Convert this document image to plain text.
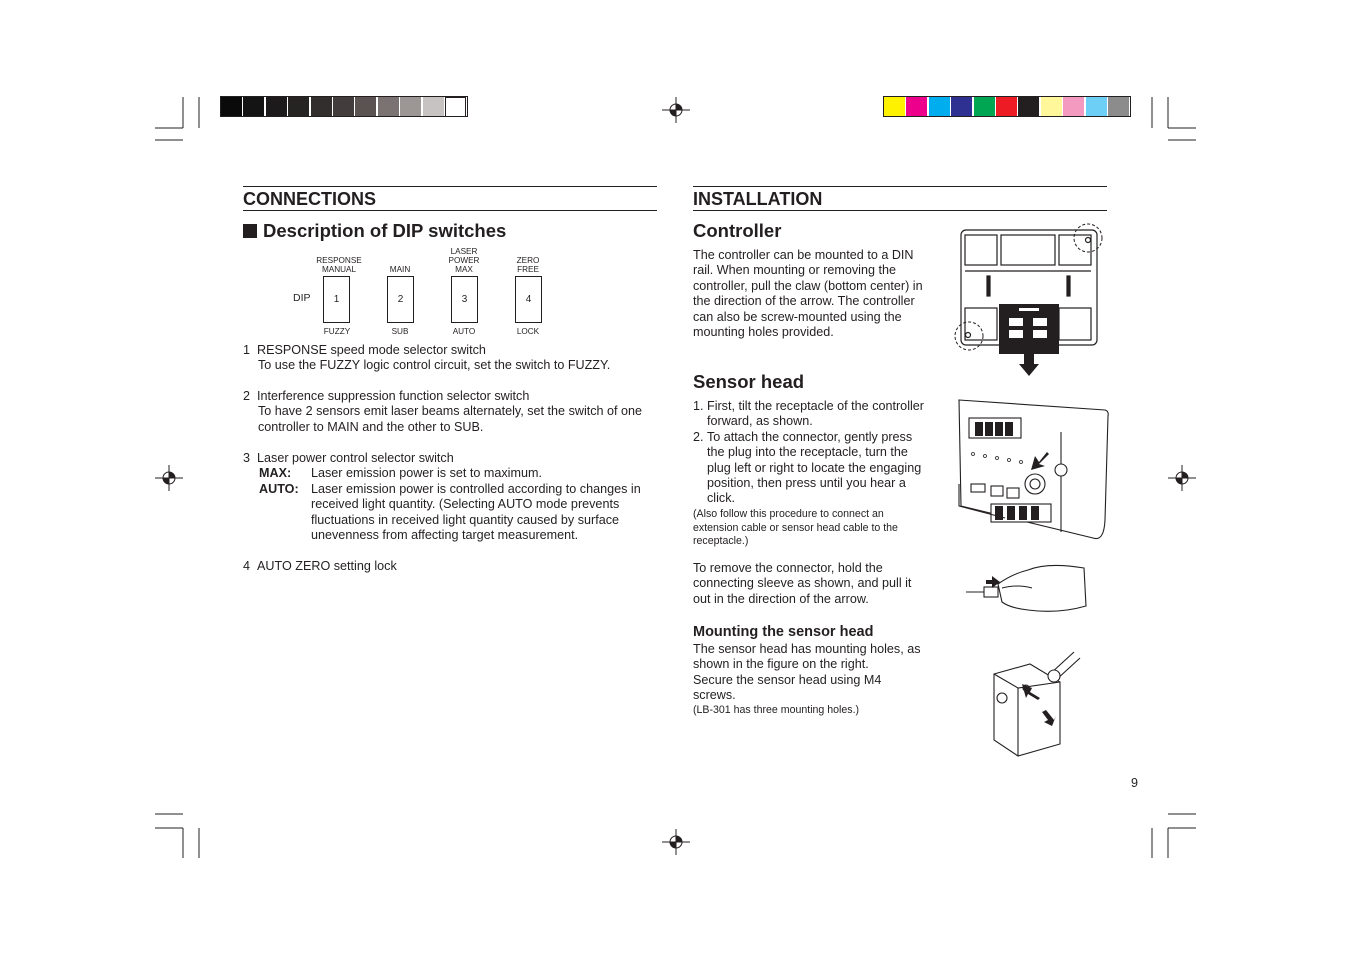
CONNECTIONS
Description of DIP switches
DIP
RESPONSE
MANUAL
1
FUZZY
MAIN
2
SUB
LASER
POWER
MAX
3
AUTO
ZERO
FREE
4
LOCK

1 RESPONSE speed mode selector switch

To use the FUZZY logic control circuit, set the switch to FUZZY.

2 Interference suppression function selector switch

To have 2 sensors emit laser beams alternately, set the switch of one controller to MAIN and the other to SUB.

3 Laser power control selector switch

MAX:	Laser emission power is set to maximum.
AUTO: Laser emission power is controlled according to changes in received light quantity. (Selecting AUTO mode prevents fluctuations in received light quantity caused by surface unevenness from affecting target measurement.

4 AUTO ZERO setting lock

INSTALLATION
Controller
The controller can be mounted to a DIN rail. When mounting or removing the controller, pull the claw (bottom center) in the direction of the arrow. The controller can also be screw-mounted using the mounting holes provided.
Sensor head
1. First, tilt the receptacle of the controller forward, as shown.
2. To attach the connector, gently press the plug into the receptacle, turn the plug left or right to locate the engaging position, then press until you hear a click.
(Also follow this procedure to connect an extension cable or sensor head cable to the receptacle.)
To remove the connector, hold the connecting sleeve as shown, and pull it out in the direction of the arrow.
Mounting the sensor head

The sensor head has mounting holes, as shown in the figure on the right.

Secure the sensor head using M4 screws.

(LB-301 has three mounting holes.)
9
